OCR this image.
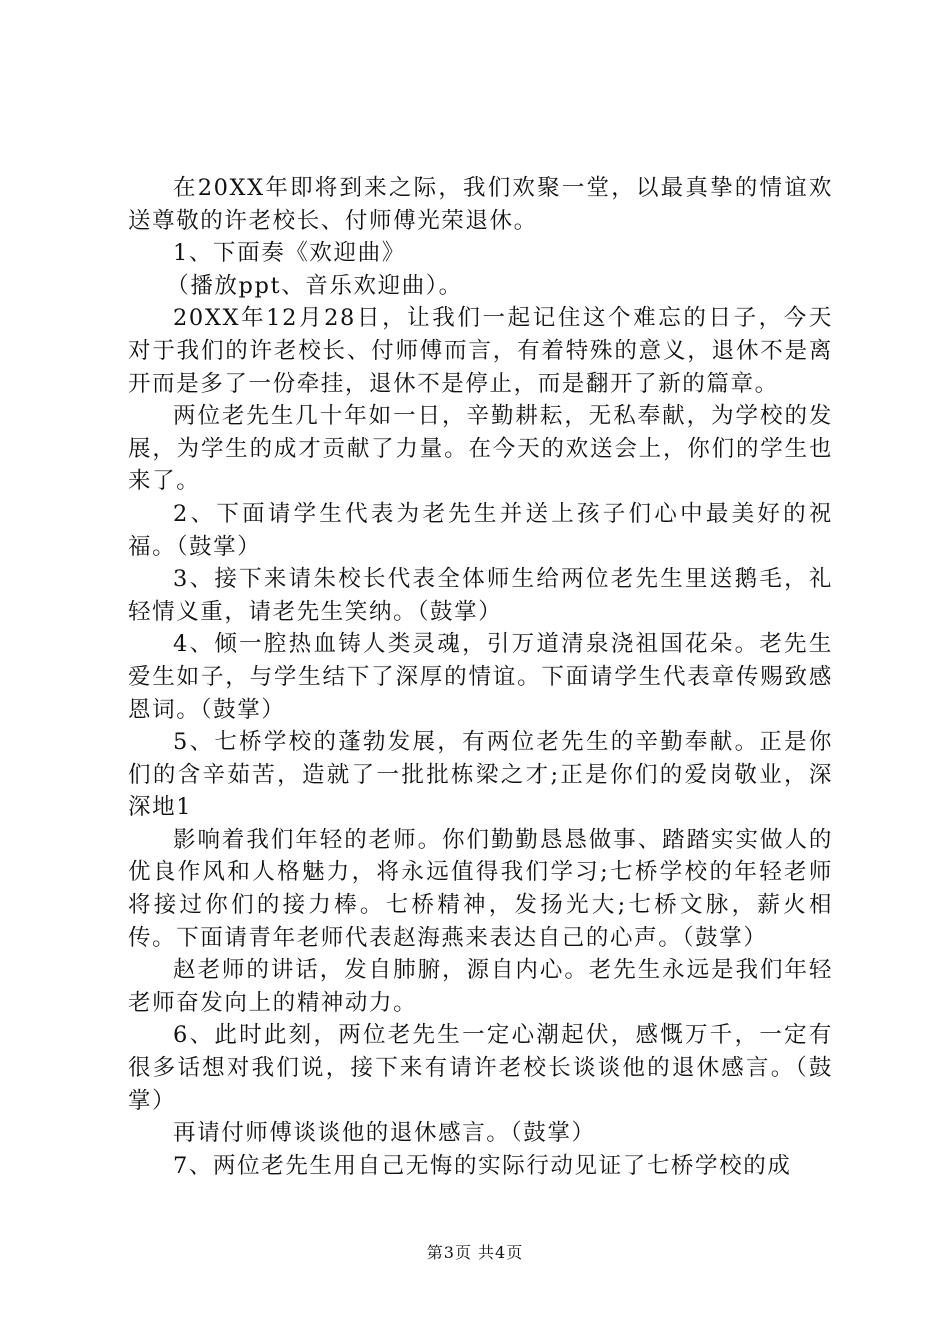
在20XX年即将到来之际，我们欢聚一堂，以最真挚的情谊欢送尊敬的许老校长、付师傅光荣退休。

1、下面奏《欢迎曲》

（播放ppt、音乐欢迎曲）。

20XX年12月28日，让我们一起记住这个难忘的日子，今天对于我们的许老校长、付师傅而言，有着特殊的意义，退休不是离开而是多了一份牵挂，退休不是停止，而是翻开了新的篇章。

两位老先生几十年如一日，辛勤耕耘，无私奉献，为学校的发展，为学生的成才贡献了力量。在今天的欢送会上，你们的学生也来了。

2、下面请学生代表为老先生并送上孩子们心中最美好的祝福。（鼓掌）

3、接下来请朱校长代表全体师生给两位老先生里送鹅毛，礼轻情义重，请老先生笑纳。（鼓掌）

4、倾一腔热血铸人类灵魂，引万道清泉浇祖国花朵。老先生爱生如子，与学生结下了深厚的情谊。下面请学生代表章传赐致感恩词。（鼓掌）

5、七桥学校的蓬勃发展，有两位老先生的辛勤奉献。正是你们的含辛茹苦，造就了一批批栋梁之才;正是你们的爱岗敬业，深深地1

影响着我们年轻的老师。你们勤勤恳恳做事、踏踏实实做人的优良作风和人格魅力，将永远值得我们学习;七桥学校的年轻老师将接过你们的接力棒。七桥精神，发扬光大;七桥文脉，薪火相传。下面请青年老师代表赵海燕来表达自己的心声。（鼓掌）

赵老师的讲话，发自肺腑，源自内心。老先生永远是我们年轻老师奋发向上的精神动力。

6、此时此刻，两位老先生一定心潮起伏，感慨万千，一定有很多话想对我们说，接下来有请许老校长谈谈他的退休感言。（鼓掌）

再请付师傅谈谈他的退休感言。（鼓掌）

7、两位老先生用自己无悔的实际行动见证了七桥学校的成

第3页 共4页
